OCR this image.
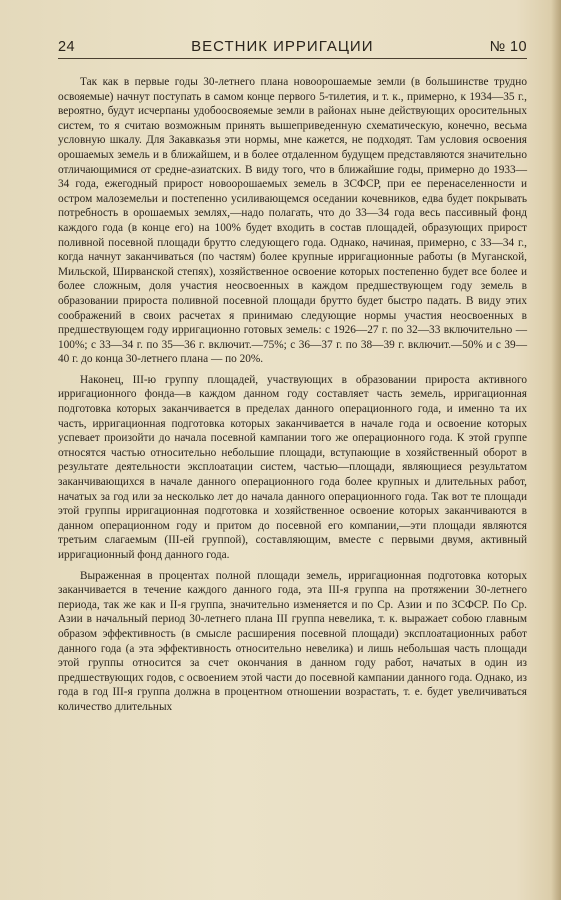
24	ВЕСТНИК ИРРИГАЦИИ	№ 10

Так как в первые годы 30-летнего плана новоорошаемые земли (в большинстве трудно освояемые) начнут поступать в самом конце первого 5-тилетия, и т. к., примерно, к 1934—35 г., вероятно, будут исчерпаны удобоосвояемые земли в районах ныне действующих оросительных систем, то я считаю возможным принять вышеприведенную схематическую, конечно, весьма условную шкалу. Для Закавказья эти нормы, мне кажется, не подходят. Там условия освоения орошаемых земель и в ближайшем, и в более отдаленном будущем представляются значительно отличающимися от средне-азиатских. В виду того, что в ближайшие годы, примерно до 1933—34 года, ежегодный прирост новоорошаемых земель в ЗСФСР, при ее перенаселенности и остром малоземельи и постепенно усиливающемся оседании кочевников, едва будет покрывать потребность в орошаемых землях,—надо полагать, что до 33—34 года весь пассивный фонд каждого года (в конце его) на 100% будет входить в состав площадей, образующих прирост поливной посевной площади брутто следующего года. Однако, начиная, примерно, с 33—34 г., когда начнут заканчиваться (по частям) более крупные ирригационные работы (в Муганской, Мильской, Ширванской степях), хозяйственное освоение которых постепенно будет все более и более сложным, доля участия неосвоенных в каждом предшествующем году земель в образовании прироста поливной посевной площади брутто будет быстро падать. В виду этих соображений в своих расчетах я принимаю следующие нормы участия неосвоенных в предшествующем году ирригационно готовых земель: с 1926—27 г. по 32—33 включительно —100%; с 33—34 г. по 35—36 г. включит.—75%; с 36—37 г. по 38—39 г. включит.—50% и с 39—40 г. до конца 30-летнего плана — по 20%.

Наконец, III-ю группу площадей, участвующих в образовании прироста активного ирригационного фонда—в каждом данном году составляет часть земель, ирригационная подготовка которых заканчивается в пределах данного операционного года, и именно та их часть, ирригационная подготовка которых заканчивается в начале года и освоение которых успевает произойти до начала посевной кампании того же операционного года. К этой группе относятся частью относительно небольшие площади, вступающие в хозяйственный оборот в результате деятельности эксплоатации систем, частью—площади, являющиеся результатом заканчивающихся в начале данного операционного года более крупных и длительных работ, начатых за год или за несколько лет до начала данного операционного года. Так вот те площади этой группы ирригационная подготовка и хозяйственное освоение которых заканчиваются в данном операционном году и притом до посевной его компании,—эти площади являются третьим слагаемым (III-ей группой), составляющим, вместе с первыми двумя, активный ирригационный фонд данного года.

Выраженная в процентах полной площади земель, ирригационная подготовка которых заканчивается в течение каждого данного года, эта III-я группа на протяжении 30-летнего периода, так же как и II-я группа, значительно изменяется и по Ср. Азии и по ЗСФСР. По Ср. Азии в начальный период 30-летнего плана III группа невелика, т. к. выражает собою главным образом эффективность (в смысле расширения посевной площади) эксплоатационных работ данного года (а эта эффективность относительно невелика) и лишь небольшая часть площади этой группы относится за счет окончания в данном году работ, начатых в один из предшествующих годов, с освоением этой части до посевной кампании данного года. Однако, из года в год III-я группа должна в процентном отношении возрастать, т. е. будет увеличиваться количество длительных
